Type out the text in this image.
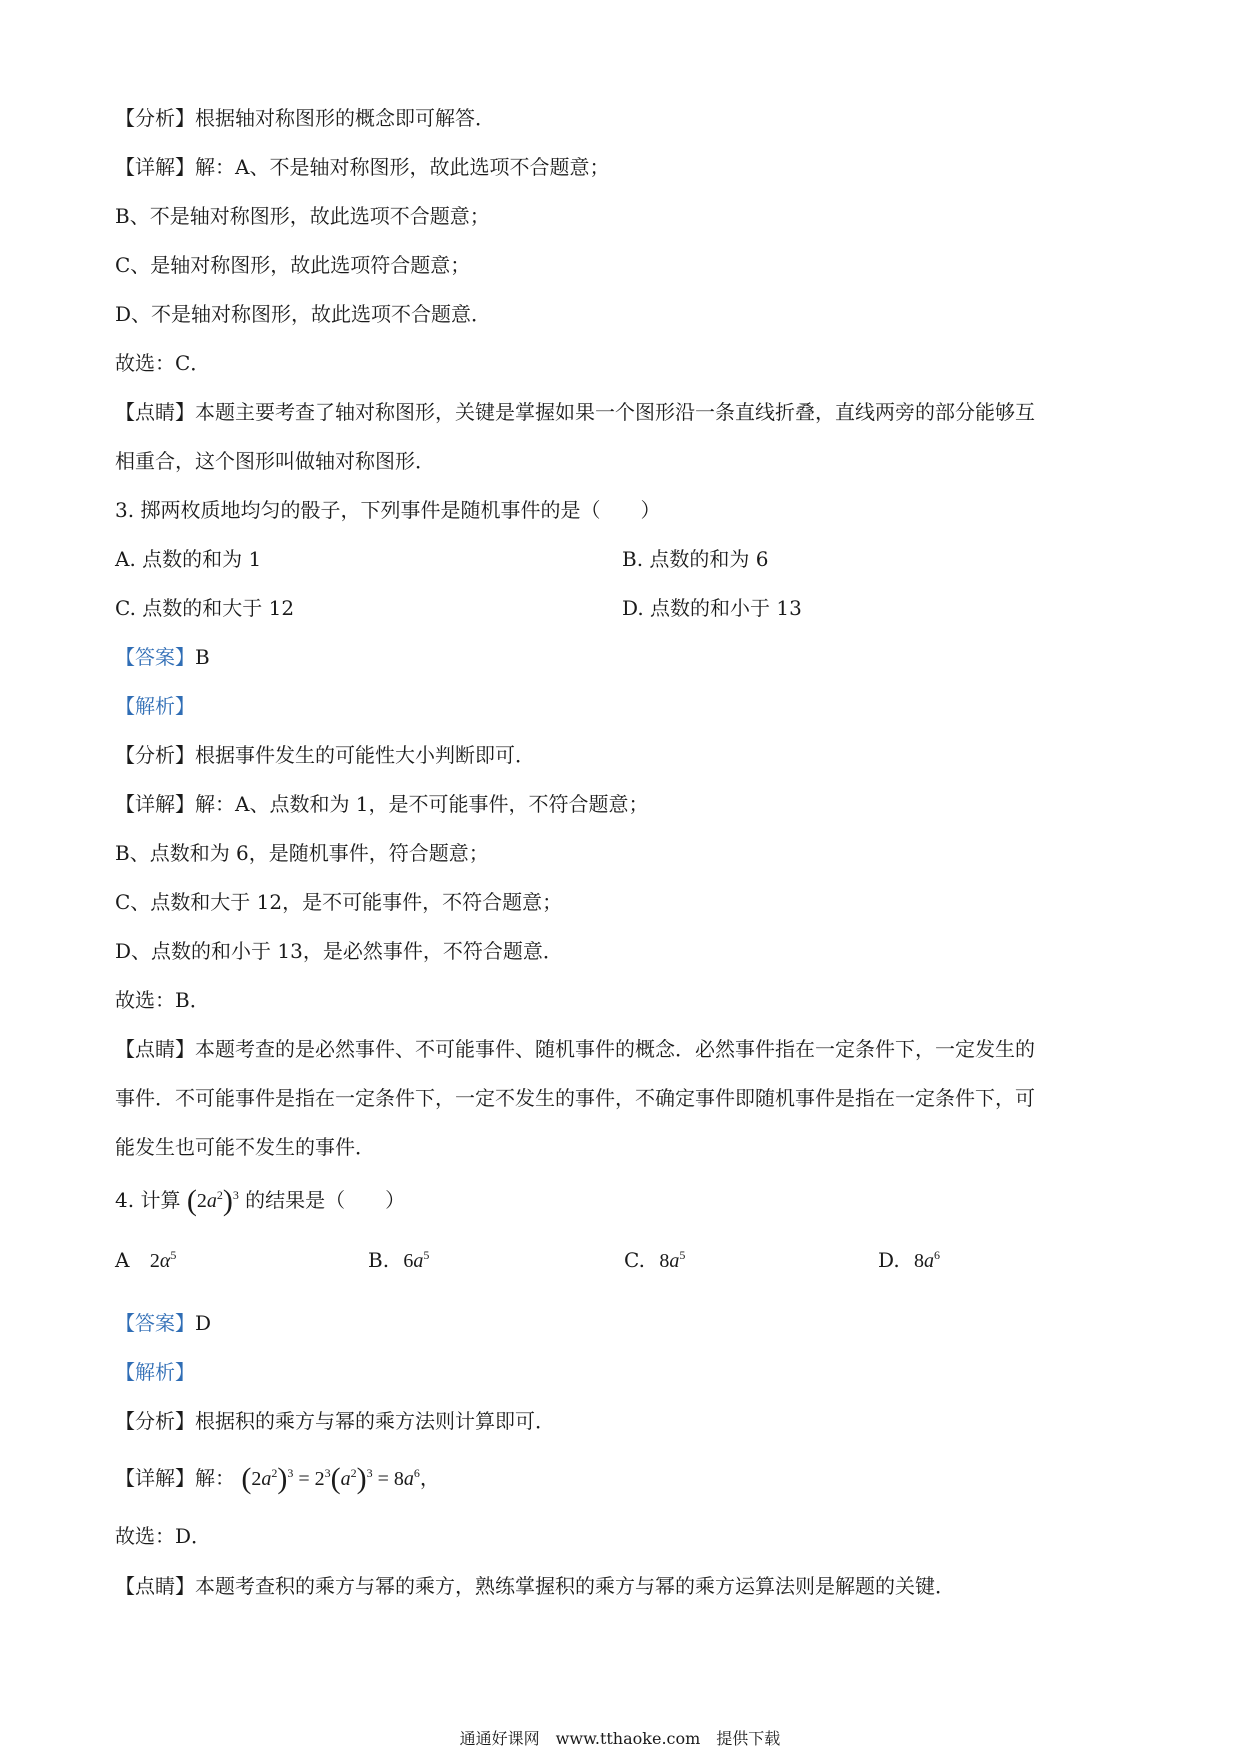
【分析】根据轴对称图形的概念即可解答．
【详解】解：A、不是轴对称图形，故此选项不合题意；
B、不是轴对称图形，故此选项不合题意；
C、是轴对称图形，故此选项符合题意；
D、不是轴对称图形，故此选项不合题意．
故选：C．
【点睛】本题主要考查了轴对称图形，关键是掌握如果一个图形沿一条直线折叠，直线两旁的部分能够互
相重合，这个图形叫做轴对称图形．
3. 掷两枚质地均匀的骰子，下列事件是随机事件的是（　　）
A. 点数的和为 1	B. 点数的和为 6
C. 点数的和大于 12	D. 点数的和小于 13
【答案】B
【解析】
【分析】根据事件发生的可能性大小判断即可．
【详解】解：A、点数和为 1，是不可能事件，不符合题意；
B、点数和为 6，是随机事件，符合题意；
C、点数和大于 12，是不可能事件，不符合题意；
D、点数的和小于 13，是必然事件，不符合题意．
故选：B．
【点睛】本题考查的是必然事件、不可能事件、随机事件的概念．必然事件指在一定条件下，一定发生的
事件．不可能事件是指在一定条件下，一定不发生的事件，不确定事件即随机事件是指在一定条件下，可
能发生也可能不发生的事件．
4. 计算 $(2a^2)^3$ 的结果是（　　）
A $2\alpha^5$	B. $6a^5$	C. $8a^5$	D. $8a^6$
【答案】D
【解析】
【分析】根据积的乘方与幂的乘方法则计算即可．
【详解】解： $(2a^2)^3 = 2^3(a^2)^3 = 8a^6$，
故选：D．
【点睛】本题考查积的乘方与幂的乘方，熟练掌握积的乘方与幂的乘方运算法则是解题的关键．
通通好课网　www.tthaoke.com　提供下载
